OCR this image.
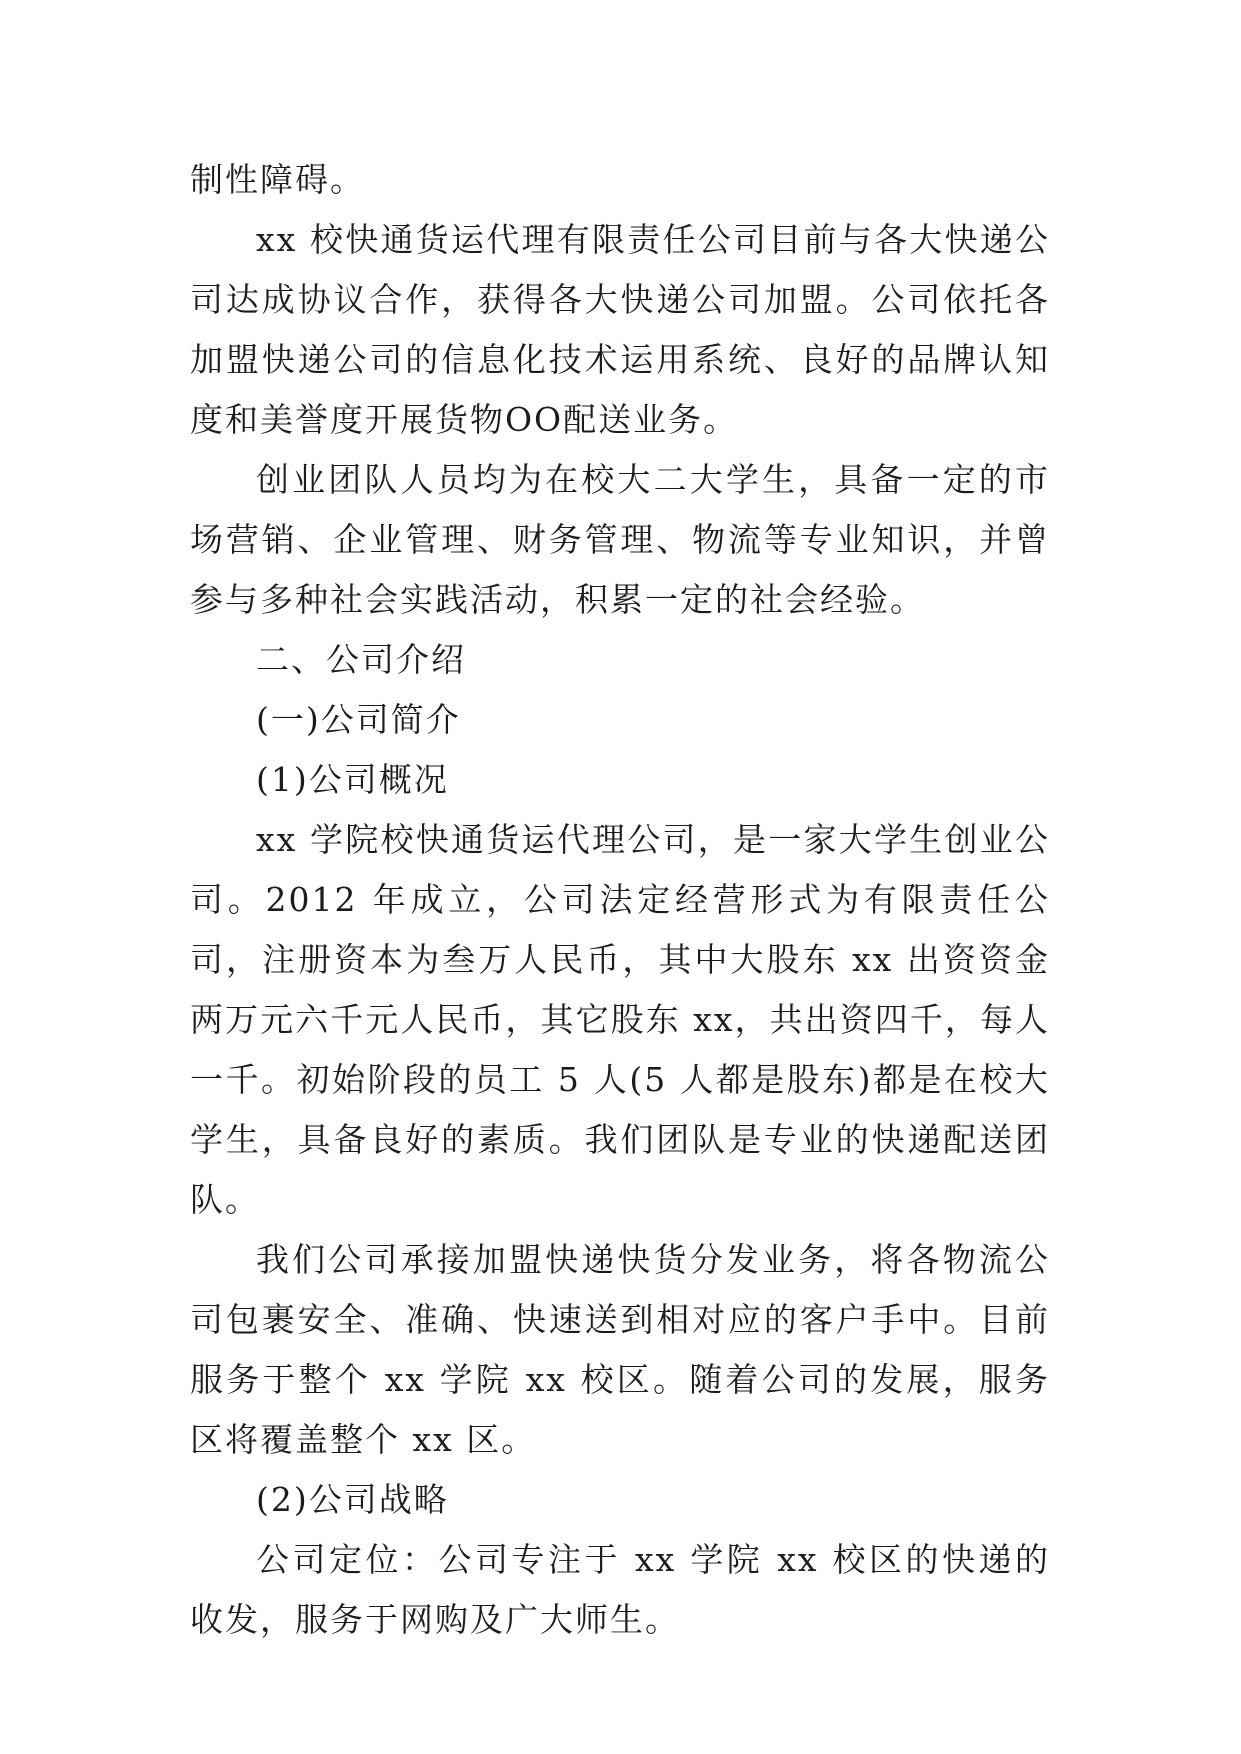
制性障碍。

xx 校快通货运代理有限责任公司目前与各大快递公司达成协议合作，获得各大快递公司加盟。公司依托各加盟快递公司的信息化技术运用系统、良好的品牌认知度和美誉度开展货物OO配送业务。

创业团队人员均为在校大二大学生，具备一定的市场营销、企业管理、财务管理、物流等专业知识，并曾参与多种社会实践活动，积累一定的社会经验。

二、公司介绍

(一)公司简介

(1)公司概况

xx 学院校快通货运代理公司，是一家大学生创业公司。2012 年成立，公司法定经营形式为有限责任公司，注册资本为叁万人民币，其中大股东 xx 出资资金两万元六千元人民币，其它股东 xx，共出资四千，每人一千。初始阶段的员工 5 人(5 人都是股东)都是在校大学生，具备良好的素质。我们团队是专业的快递配送团队。

我们公司承接加盟快递快货分发业务，将各物流公司包裹安全、准确、快速送到相对应的客户手中。目前服务于整个 xx 学院 xx 校区。随着公司的发展，服务区将覆盖整个 xx 区。

(2)公司战略

公司定位：公司专注于 xx 学院 xx 校区的快递的收发，服务于网购及广大师生。
